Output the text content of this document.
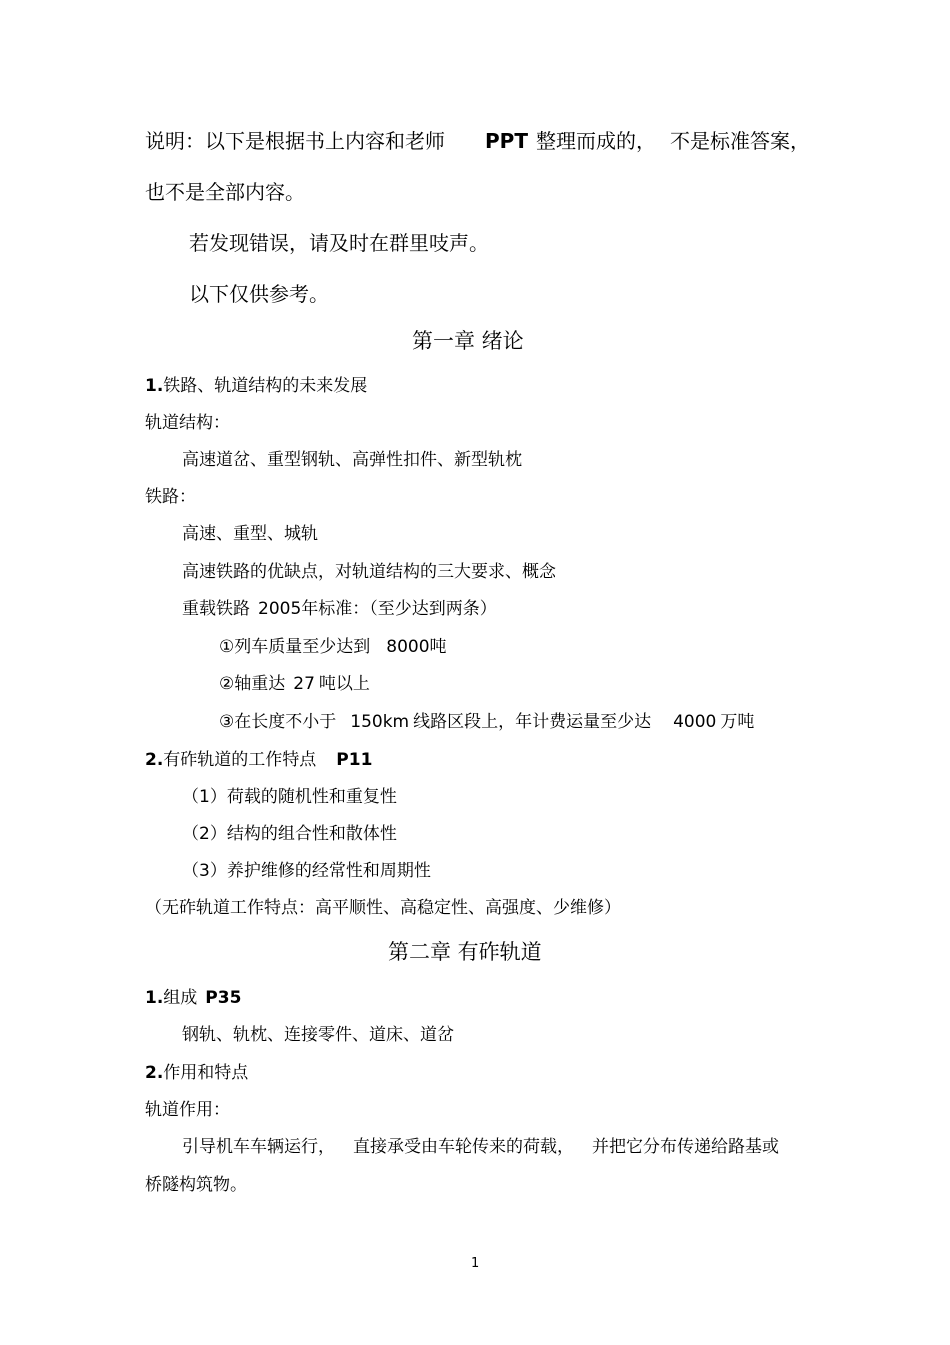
说明：以下是根据书上内容和老师 PPT 整理而成的， 不是标准答案，
也不是全部内容。
若发现错误，请及时在群里吱声。
以下仅供参考。
第一章 绪论
1.铁路、轨道结构的未来发展
轨道结构：
高速道岔、重型钢轨、高弹性扣件、新型轨枕
铁路：
高速、重型、城轨
高速铁路的优缺点，对轨道结构的三大要求、概念
重载铁路 2005年标准：（至少达到两条）
①列车质量至少达到 8000吨
②轴重达 27 吨以上
③在长度不小于 150km 线路区段上，年计费运量至少达 4000 万吨
2.有砟轨道的工作特点 P11
（1）荷载的随机性和重复性
（2）结构的组合性和散体性
（3）养护维修的经常性和周期性
（无砟轨道工作特点：高平顺性、高稳定性、高强度、少维修）
第二章 有砟轨道
1.组成 P35
钢轨、轨枕、连接零件、道床、道岔
2.作用和特点
轨道作用：
引导机车车辆运行， 直接承受由车轮传来的荷载， 并把它分布传递给路基或
桥隧构筑物。
1
